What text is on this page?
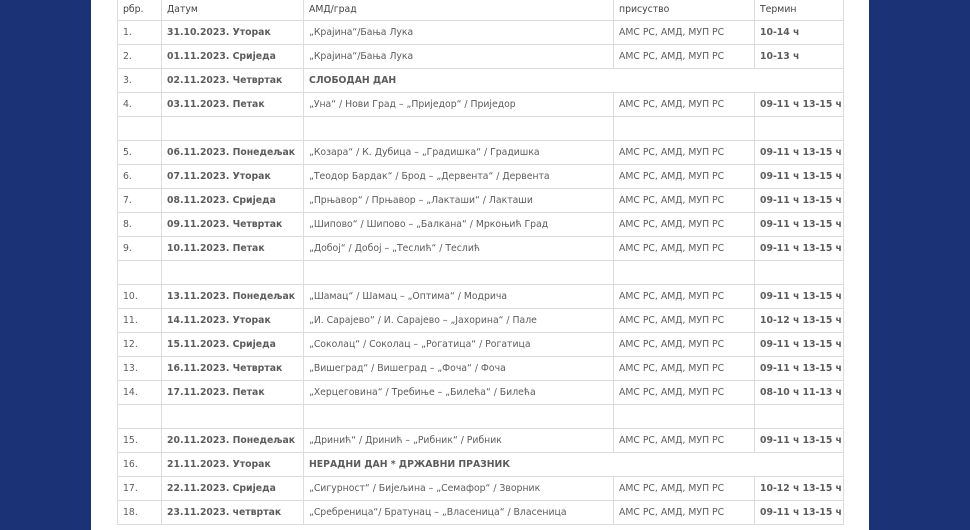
рбр.	Датум	АМД/град	присуство	Термин
1.	31.10.2023. Уторак	„Крајина“/Бања Лука	АМС РС, АМД, МУП РС	10-14 ч
2.	01.11.2023. Сриједа	„Крајина“/Бања Лука	АМС РС, АМД, МУП РС	10-13 ч
3.	02.11.2023. Четвртак	СЛОБОДАН ДАН		
4.	03.11.2023. Петак	„Уна“ / Нови Град – „Пријед‍ор“ / Пријед‍ор	АМС РС, АМД, МУП РС	09-11 ч 13-15 ч

5.	06.11.2023. Понедељак	„Козара“ / К. Дубица – „Градишка“ / Градишка	АМС РС, АМД, МУП РС	09-11 ч 13-15 ч
6.	07.11.2023. Уторак	„Теодор Бардак“ / Брод – „Дервента“ / Дервента	АМС РС, АМД, МУП РС	09-11 ч 13-15 ч
7.	08.11.2023. Сријeда	„Прњавор“ / Прњавор – „Лакташи“ / Лакташи	АМС РС, АМД, МУП РС	09-11 ч 13-15 ч
8.	09.11.2023. Четвртак	„Шипово“ / Шипово – „Балкана“ / Мркоњић Град	АМС РС, АМД, МУП РС	09-11 ч 13-15 ч
9.	10.11.2023. Петак	„Добој“ / Добој – „Теслић“ / Теслић	АМС РС, АМД, МУП РС	09-11 ч 13-15 ч

10.	13.11.2023. Понедељак	„Шамац“ / Шамац – „Оптима“ / Модрича	АМС РС, АМД, МУП РС	09-11 ч 13-15 ч
11.	14.11.2023. Уторак	„И. Сарајево“ / И. Сарајево – „Јахорина“ / Пале	АМС РС, АМД, МУП РС	10-12 ч 13-15 ч
12.	15.11.2023. Сриједа	„Соколац“ / Соколац – „Рогатица“ / Рогатица	АМС РС, АМД, МУП РС	09-11 ч 13-15 ч
13.	16.11.2023. Четвртак	„Вишеград“ / Вишеград – „Фоча“ / Фоча	АМС РС, АМД, МУП РС	09-11 ч 13-15 ч
14.	17.11.2023. Петак	„Херцеговина“ / Требиње – „Билећа“ / Билећа	АМС РС, АМД, МУП РС	08-10 ч 11-13 ч

15.	20.11.2023. Понедељак	„Дринић“ / Дринић – „Рибник“ / Рибник	АМС РС, АМД, МУП РС	09-11 ч 13-15 ч
16.	21.11.2023. Уторак	НЕРАДНИ ДАН * ДРЖАВНИ ПРАЗНИК		
17.	22.11.2023. Сриједа	„Сигурност“ / Бијељина – „Семафор“ / Зворник	АМС РС, АМД, МУП РС	10-12 ч 13-15 ч
18.	23.11.2023. четвртак	„Сребреница“/ Братунац – „Власеница“ / Власеница	АМС РС, АМД, МУП РС	09-11 ч 13-15 ч
